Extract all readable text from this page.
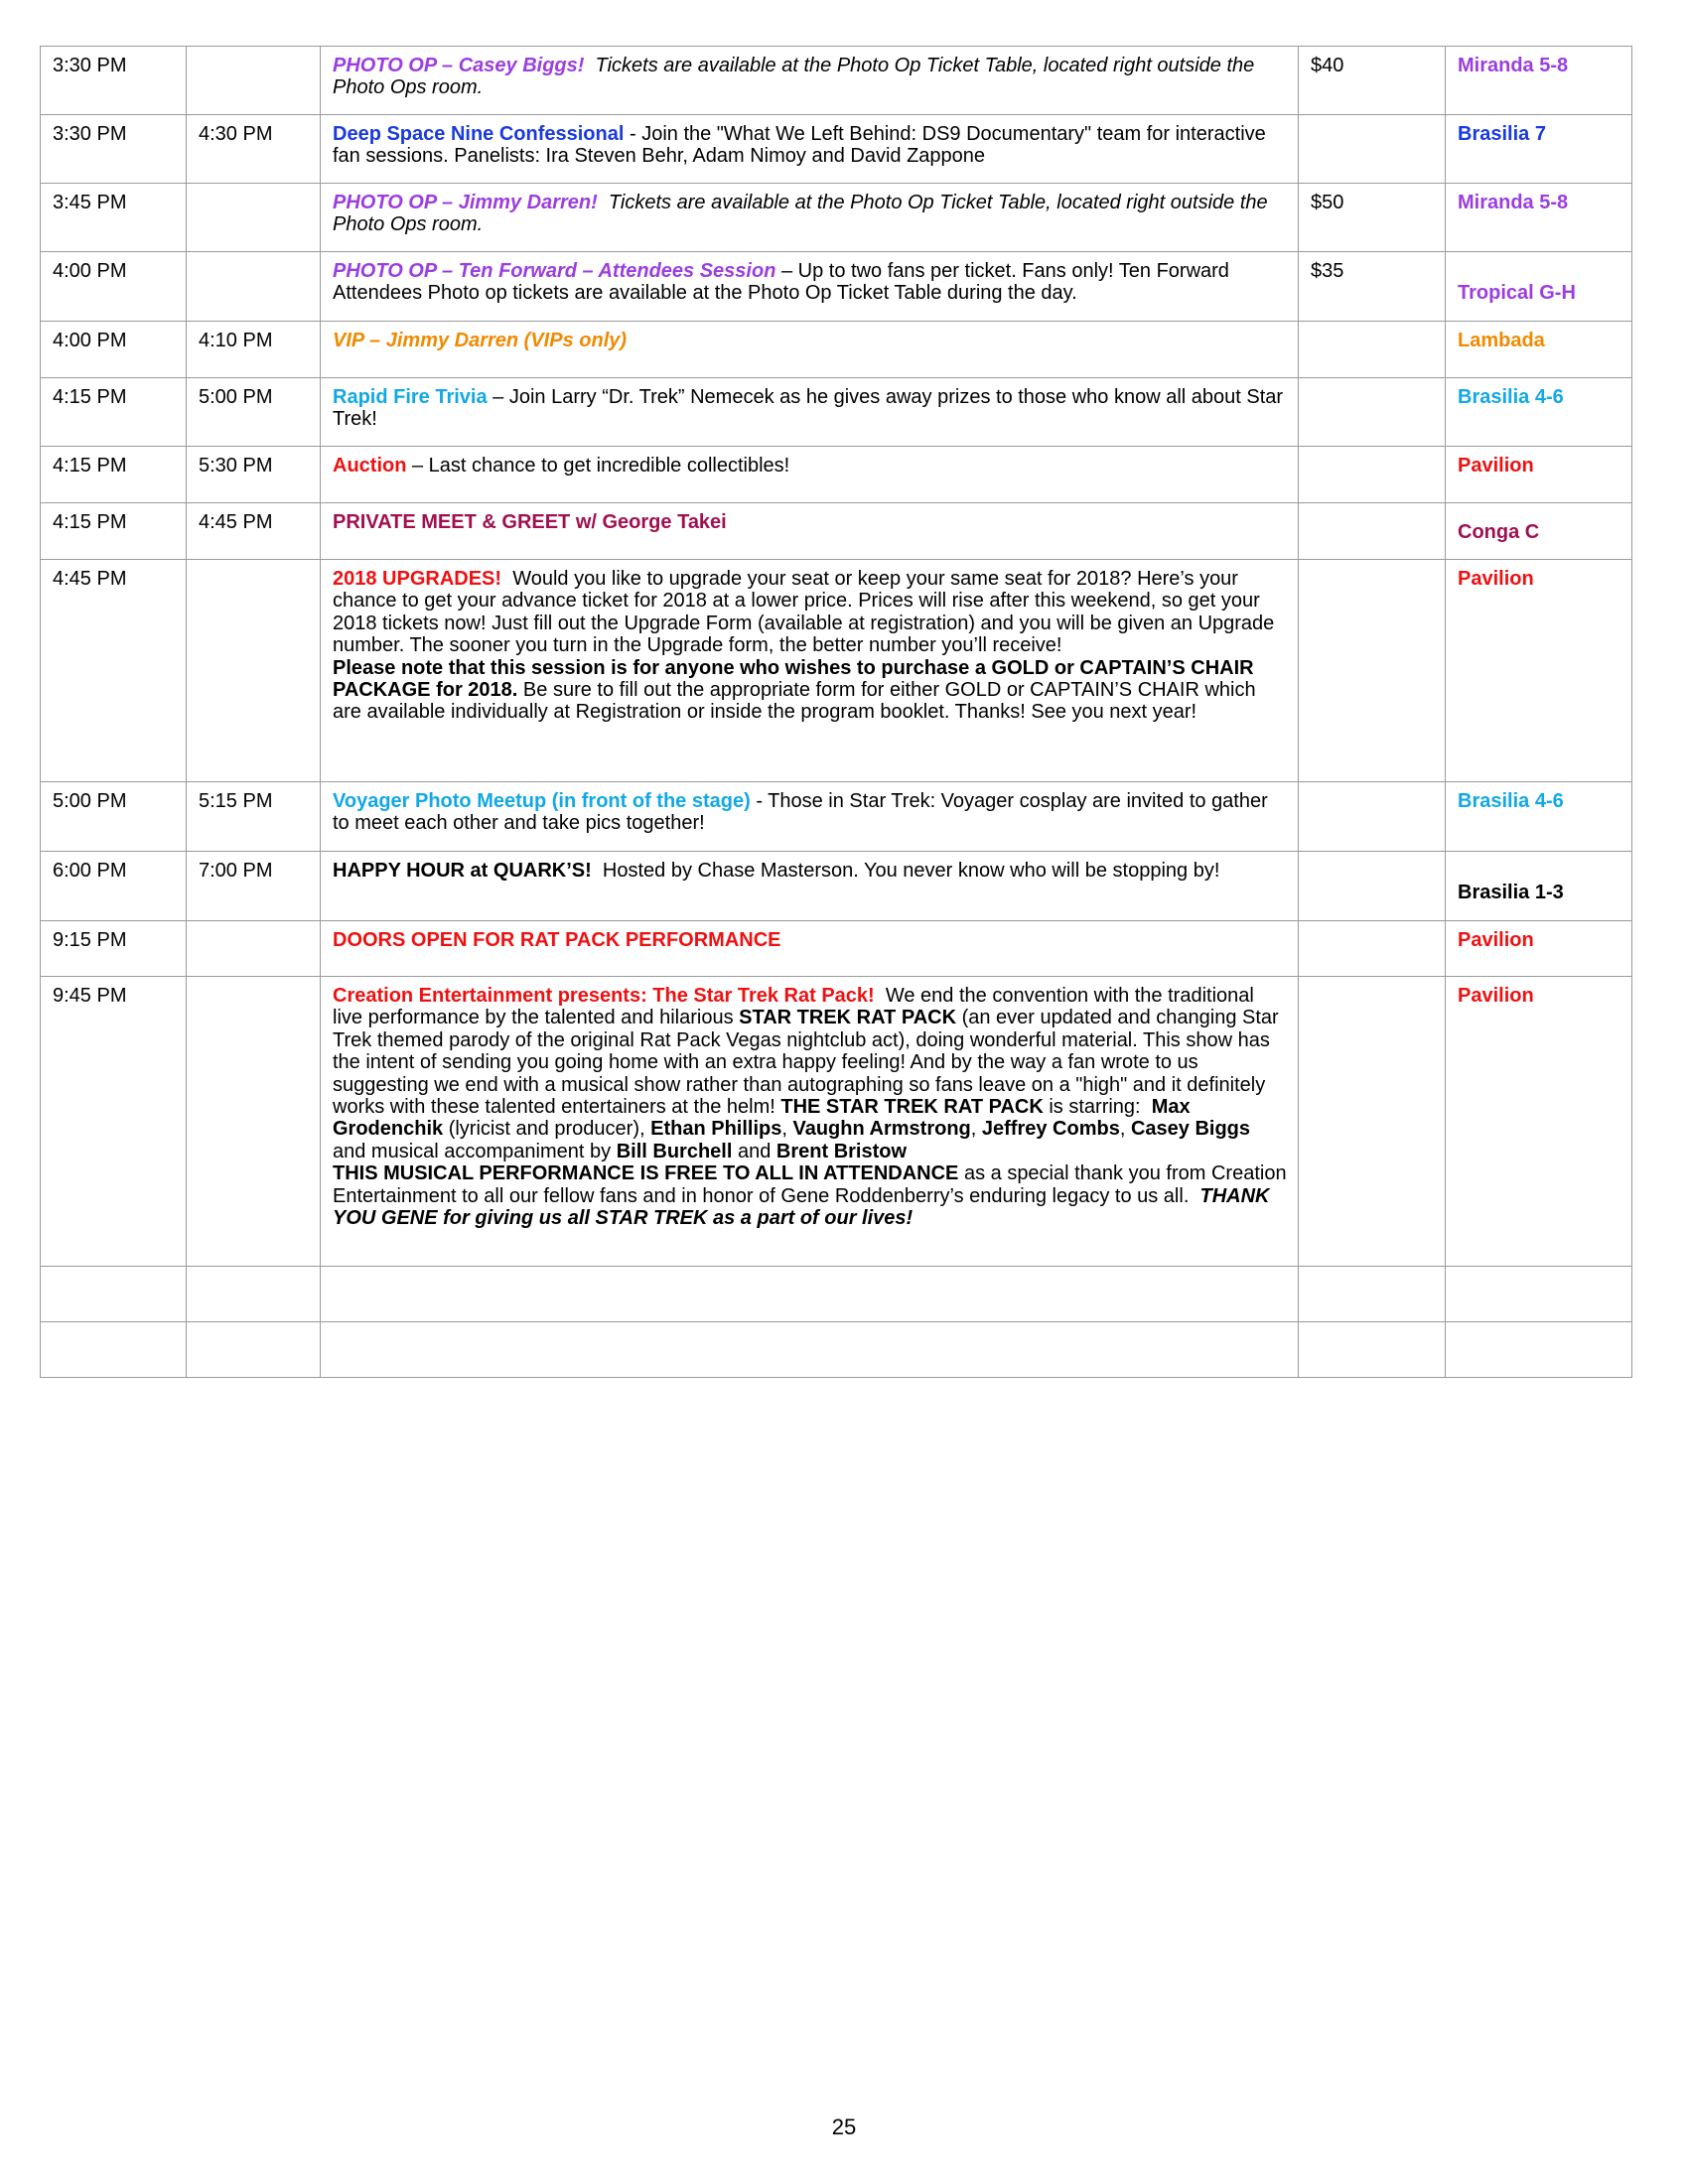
3:30 PM		PHOTO OP – Casey Biggs! Tickets are available at the Photo Op Ticket Table, located right outside the Photo Ops room.	$40	Miranda 5-8
3:30 PM	4:30 PM	Deep Space Nine Confessional - Join the "What We Left Behind: DS9 Documentary" team for interactive fan sessions. Panelists: Ira Steven Behr, Adam Nimoy and David Zappone		Brasilia 7
3:45 PM		PHOTO OP – Jimmy Darren! Tickets are available at the Photo Op Ticket Table, located right outside the Photo Ops room.	$50	Miranda 5-8
4:00 PM		PHOTO OP – Ten Forward – Attendees Session – Up to two fans per ticket. Fans only! Ten Forward Attendees Photo op tickets are available at the Photo Op Ticket Table during the day.	$35	Tropical G-H

4:00 PM	4:10 PM	VIP – Jimmy Darren (VIPs only)		Lambada
4:15 PM	5:00 PM	Rapid Fire Trivia – Join Larry “Dr. Trek” Nemecek as he gives away prizes to those who know all about Star Trek!		Brasilia 4-6
4:15 PM	5:30 PM	Auction – Last chance to get incredible collectibles!		Pavilion
4:15 PM	4:45 PM	PRIVATE MEET & GREET w/ George Takei		Conga C

4:45 PM		2018 UPGRADES! Would you like to upgrade your seat or keep your same seat for 2018? Here’s your chance to get your advance ticket for 2018 at a lower price. Prices will rise after this weekend, so get your 2018 tickets now! Just fill out the Upgrade Form (available at registration) and you will be given an Upgrade number. The sooner you turn in the Upgrade form, the better number you’ll receive!
Please note that this session is for anyone who wishes to purchase a GOLD or CAPTAIN’S CHAIR PACKAGE for 2018. Be sure to fill out the appropriate form for either GOLD or CAPTAIN’S CHAIR which are available individually at Registration or inside the program booklet. Thanks! See you next year!		Pavilion
5:00 PM	5:15 PM	Voyager Photo Meetup (in front of the stage) - Those in Star Trek: Voyager cosplay are invited to gather to meet each other and take pics together!		Brasilia 4-6
6:00 PM	7:00 PM	HAPPY HOUR at QUARK’S! Hosted by Chase Masterson. You never know who will be stopping by!		Brasilia 1-3

9:15 PM		DOORS OPEN FOR RAT PACK PERFORMANCE		Pavilion
9:45 PM		Creation Entertainment presents: The Star Trek Rat Pack! We end the convention with the traditional live performance by the talented and hilarious STAR TREK RAT PACK (an ever updated and changing Star Trek themed parody of the original Rat Pack Vegas nightclub act), doing wonderful material. This show has the intent of sending you going home with an extra happy feeling! And by the way a fan wrote to us suggesting we end with a musical show rather than autographing so fans leave on a "high" and it definitely works with these talented entertainers at the helm! THE STAR TREK RAT PACK is starring: Max Grodenchik (lyricist and producer), Ethan Phillips, Vaughn Armstrong, Jeffrey Combs, Casey Biggs and musical accompaniment by Bill Burchell and Brent Bristow
THIS MUSICAL PERFORMANCE IS FREE TO ALL IN ATTENDANCE as a special thank you from Creation Entertainment to all our fellow fans and in honor of Gene Roddenberry’s enduring legacy to us all. THANK YOU GENE for giving us all STAR TREK as a part of our lives!		Pavilion

25
